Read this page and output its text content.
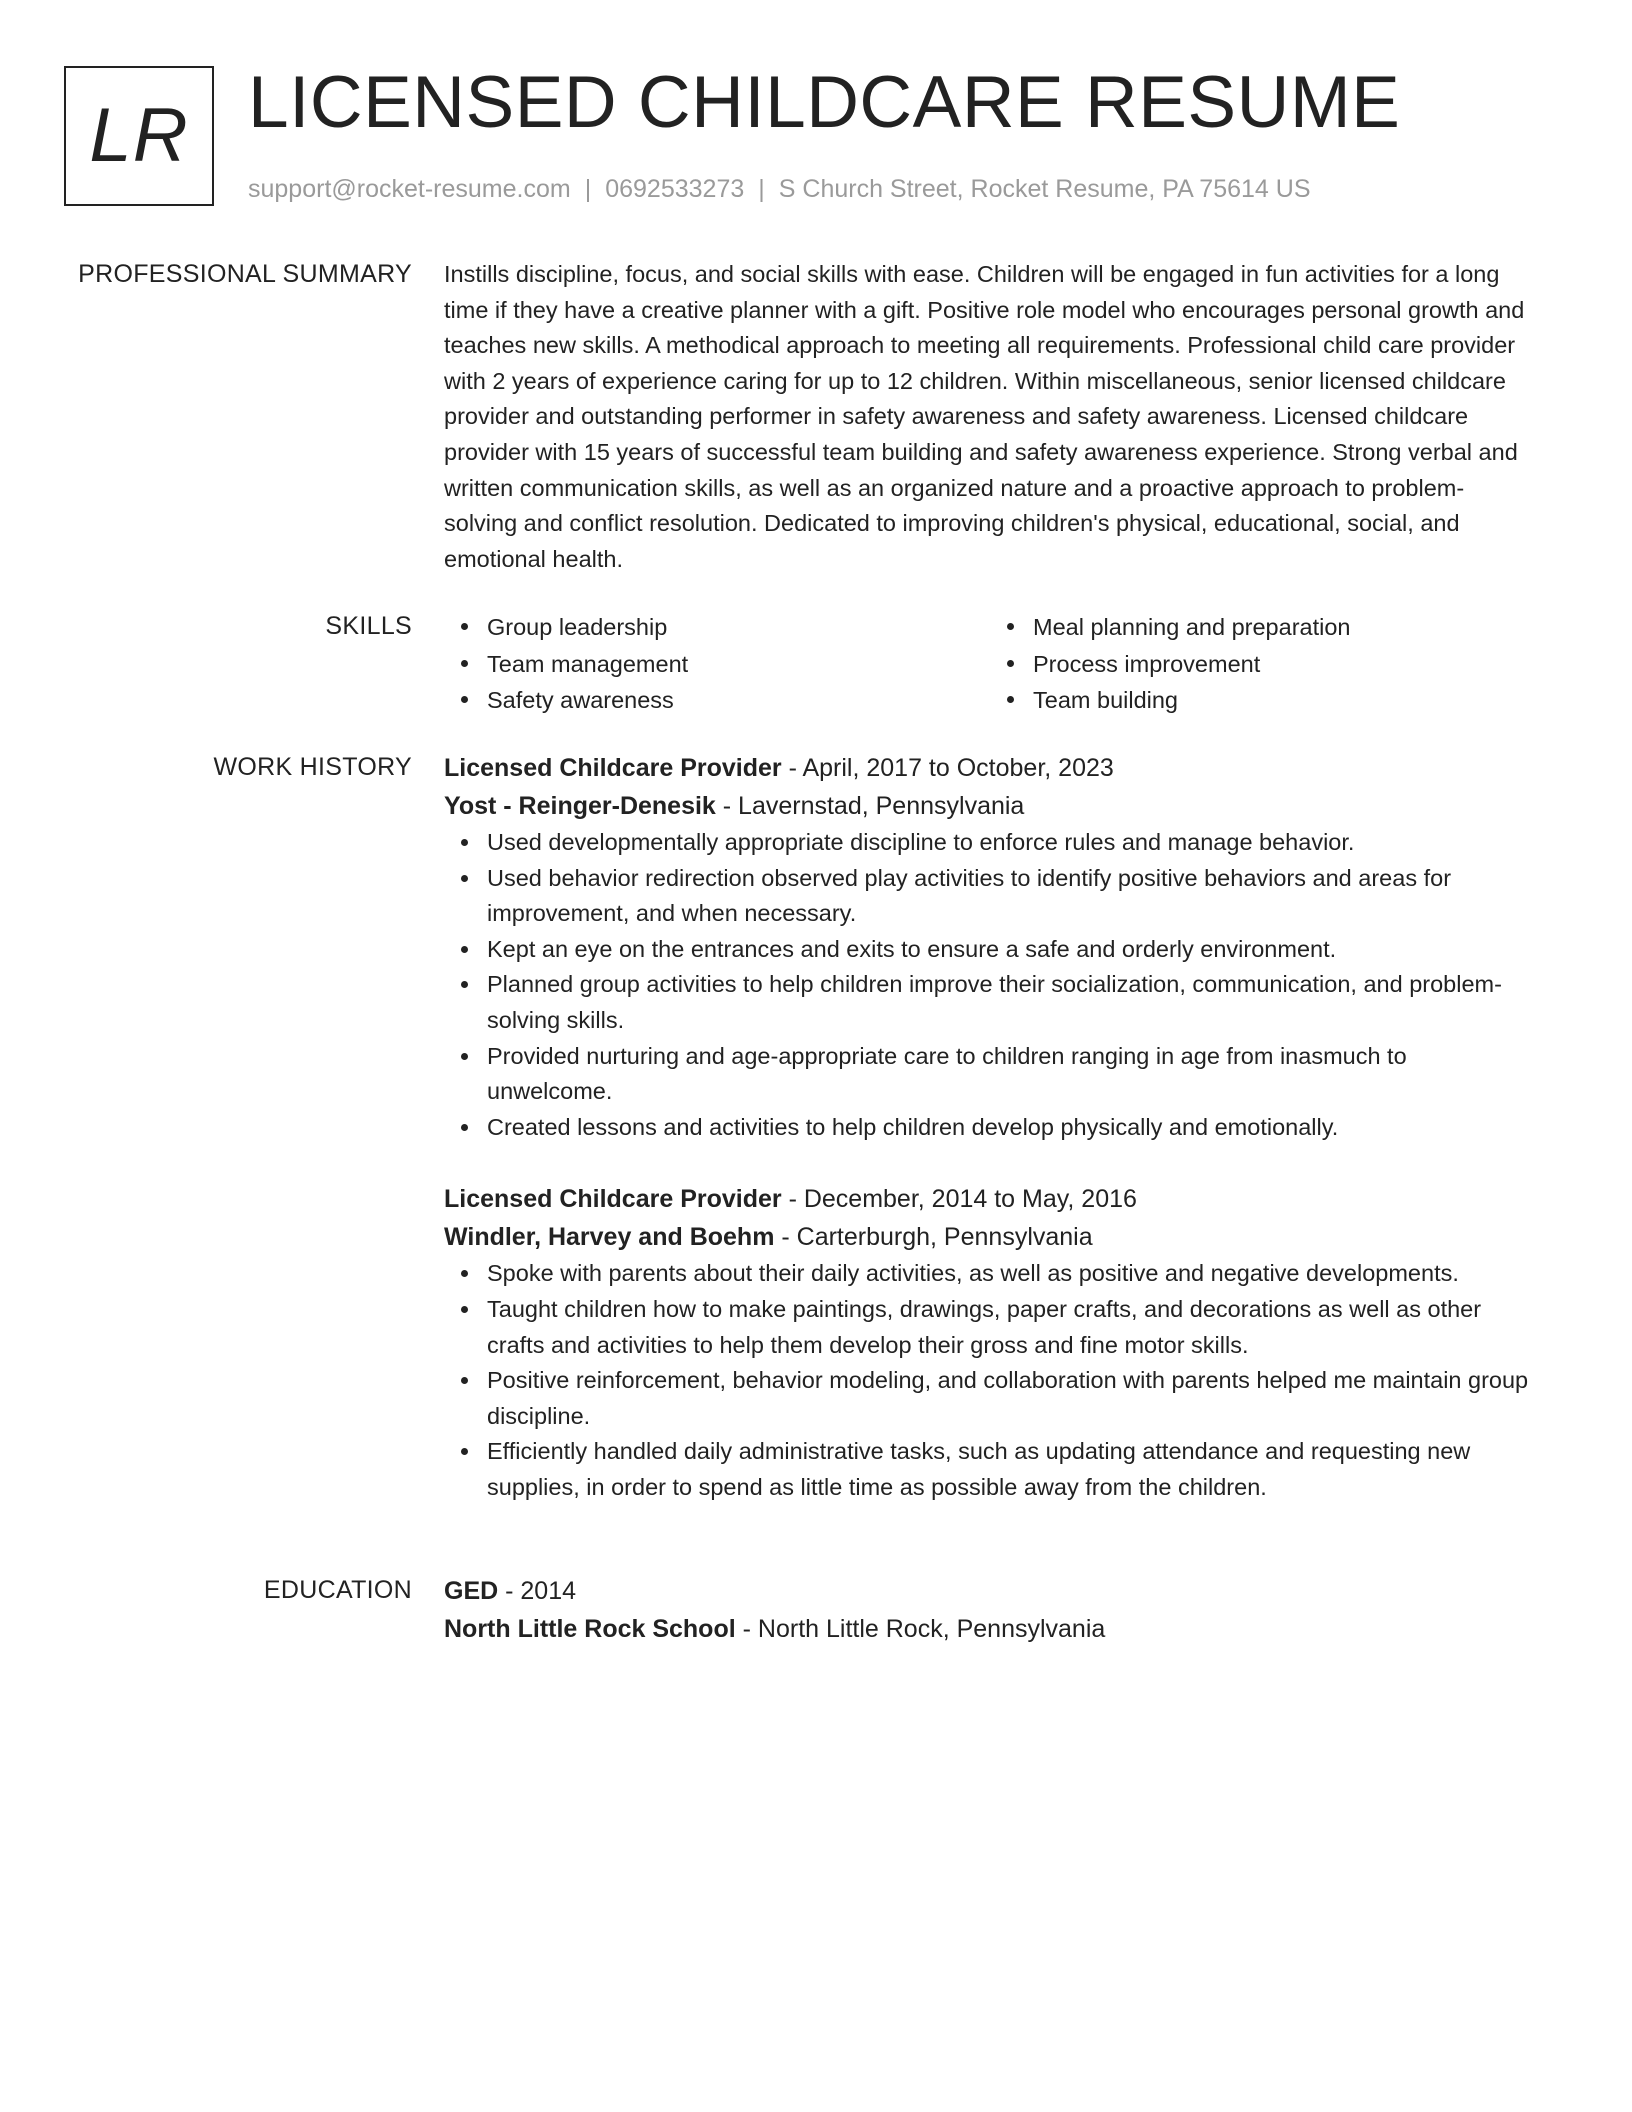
LR LICENSED CHILDCARE RESUME
support@rocket-resume.com | 0692533273 | S Church Street, Rocket Resume, PA 75614 US
PROFESSIONAL SUMMARY Instills discipline, focus, and social skills with ease. Children will be engaged in fun activities for a long time if they have a creative planner with a gift. Positive role model who encourages personal growth and teaches new skills. A methodical approach to meeting all requirements. Professional child care provider with 2 years of experience caring for up to 12 children. Within miscellaneous, senior licensed childcare provider and outstanding performer in safety awareness and safety awareness. Licensed childcare provider with 15 years of successful team building and safety awareness experience. Strong verbal and written communication skills, as well as an organized nature and a proactive approach to problem-solving and conflict resolution. Dedicated to improving children's physical, educational, social, and emotional health.

SKILLS	Group leadership
Team management
Safety awareness
Meal planning and preparation
Process improvement
Team building
WORK HISTORY Licensed Childcare Provider - April, 2017 to October, 2023
Yost - Reinger-Denesik - Lavernstad, Pennsylvania
Used developmentally appropriate discipline to enforce rules and manage behavior.
Used behavior redirection observed play activities to identify positive behaviors and areas for improvement, and when necessary.
Kept an eye on the entrances and exits to ensure a safe and orderly environment.
Planned group activities to help children improve their socialization, communication, and problem-solving skills.
Provided nurturing and age-appropriate care to children ranging in age from inasmuch to unwelcome.
Created lessons and activities to help children develop physically and emotionally.
Licensed Childcare Provider - December, 2014 to May, 2016
Windler, Harvey and Boehm - Carterburgh, Pennsylvania
Spoke with parents about their daily activities, as well as positive and negative developments.
Taught children how to make paintings, drawings, paper crafts, and decorations as well as other crafts and activities to help them develop their gross and fine motor skills.
Positive reinforcement, behavior modeling, and collaboration with parents helped me maintain group discipline.
Efficiently handled daily administrative tasks, such as updating attendance and requesting new supplies, in order to spend as little time as possible away from the children.
EDUCATION GED - 2014
North Little Rock School - North Little Rock, Pennsylvania
